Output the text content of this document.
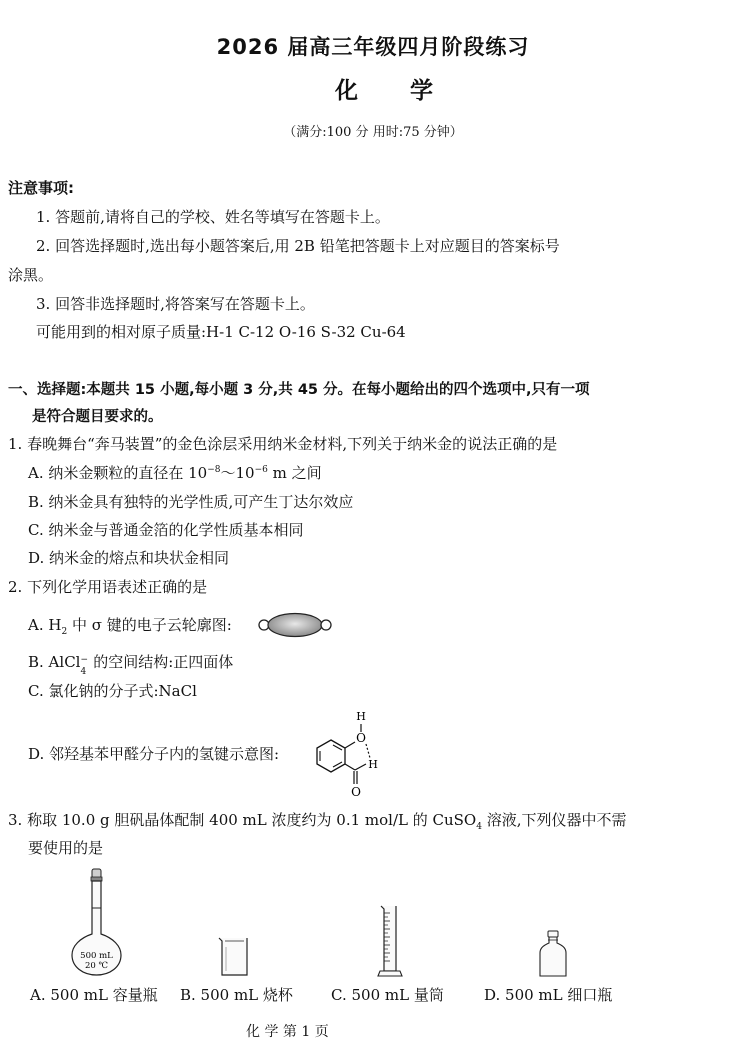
2026 届高三年级四月阶段练习
化 学
（满分:100 分 用时:75 分钟）
注意事项:
1. 答题前,请将自己的学校、姓名等填写在答题卡上。
2. 回答选择题时,选出每小题答案后,用 2B 铅笔把答题卡上对应题目的答案标号
涂黑。
3. 回答非选择题时,将答案写在答题卡上。
可能用到的相对原子质量:H-1 C-12 O-16 S-32 Cu-64
一、选择题:本题共 15 小题,每小题 3 分,共 45 分。在每小题给出的四个选项中,只有一项
是符合题目要求的。
1. 春晚舞台“奔马装置”的金色涂层采用纳米金材料,下列关于纳米金的说法正确的是
A. 纳米金颗粒的直径在 $10^{-8}\sim 10^{-6}$ m 之间
B. 纳米金具有独特的光学性质,可产生丁达尔效应
C. 纳米金与普通金箔的化学性质基本相同
D. 纳米金的熔点和块状金相同
2. 下列化学用语表述正确的是
A. $H_2$ 中 σ 键的电子云轮廓图:
B. AlCl −
4
的空间结构:正四面体
C. 氯化钠的分子式:NaCl
D. 邻羟基苯甲醛分子内的氢键示意图:
H
O
H
O
3. 称取 10.0 g 胆矾晶体配制 400 mL 浓度约为 0.1 mol/L 的 CuSO$_4$ 溶液,下列仪器中不需
要使用的是
500 mL
20 ℃
A. 500 mL 容量瓶 B. 500 mL 烧杯	C. 500 mL 量筒	D. 500 mL 细口瓶
化 学 第 1 页
